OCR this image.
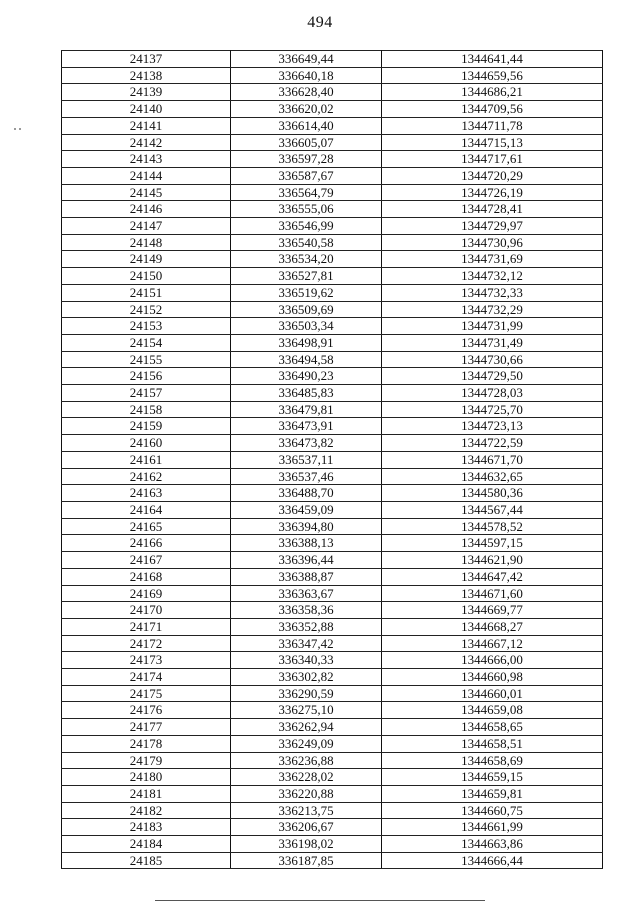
494
24137	336649,44	1344641,44
24138	336640,18	1344659,56
24139	336628,40	1344686,21
24140	336620,02	1344709,56
24141	336614,40	1344711,78
24142	336605,07	1344715,13
24143	336597,28	1344717,61
24144	336587,67	1344720,29
24145	336564,79	1344726,19
24146	336555,06	1344728,41
24147	336546,99	1344729,97
24148	336540,58	1344730,96
24149	336534,20	1344731,69
24150	336527,81	1344732,12
24151	336519,62	1344732,33
24152	336509,69	1344732,29
24153	336503,34	1344731,99
24154	336498,91	1344731,49
24155	336494,58	1344730,66
24156	336490,23	1344729,50
24157	336485,83	1344728,03
24158	336479,81	1344725,70
24159	336473,91	1344723,13
24160	336473,82	1344722,59
24161	336537,11	1344671,70
24162	336537,46	1344632,65
24163	336488,70	1344580,36
24164	336459,09	1344567,44
24165	336394,80	1344578,52
24166	336388,13	1344597,15
24167	336396,44	1344621,90
24168	336388,87	1344647,42
24169	336363,67	1344671,60
24170	336358,36	1344669,77
24171	336352,88	1344668,27
24172	336347,42	1344667,12
24173	336340,33	1344666,00
24174	336302,82	1344660,98
24175	336290,59	1344660,01
24176	336275,10	1344659,08
24177	336262,94	1344658,65
24178	336249,09	1344658,51
24179	336236,88	1344658,69
24180	336228,02	1344659,15
24181	336220,88	1344659,81
24182	336213,75	1344660,75
24183	336206,67	1344661,99
24184	336198,02	1344663,86
24185	336187,85	1344666,44
